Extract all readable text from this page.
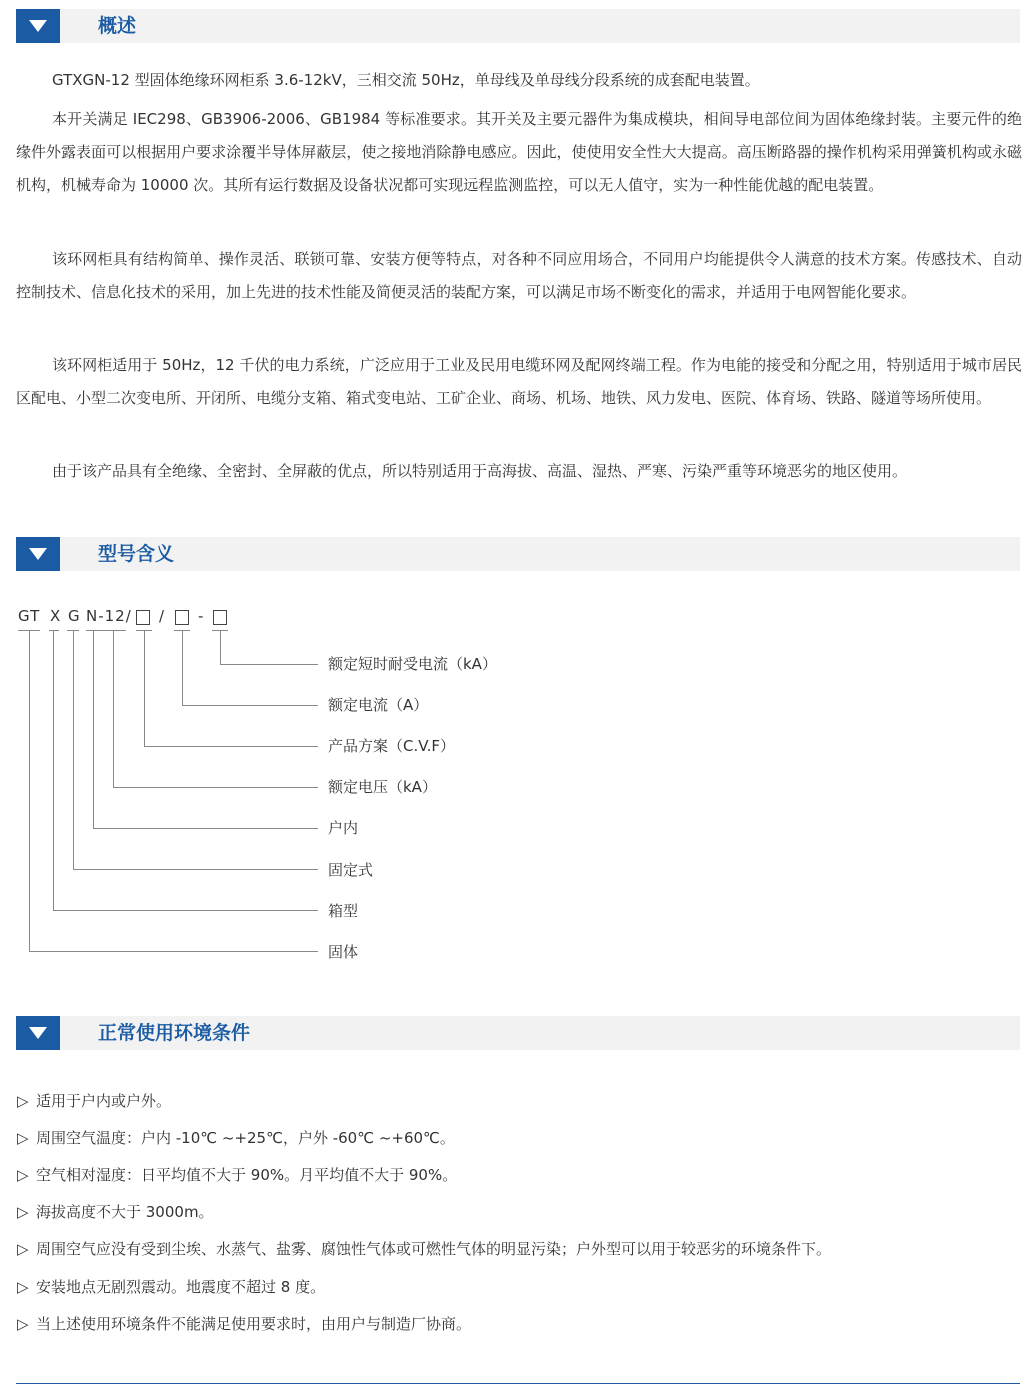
概述

GTXGN-12 型固体绝缘环网柜系 3.6-12kV，三相交流 50Hz，单母线及单母线分段系统的成套配电装置。

本开关满足 IEC298、GB3906-2006、GB1984 等标准要求。其开关及主要元器件为集成模块，相间导电部位间为固体绝缘封装。主要元件的绝缘件外露表面可以根据用户要求涂覆半导体屏蔽层，使之接地消除静电感应。因此，使使用安全性大大提高。高压断路器的操作机构采用弹簧机构或永磁机构，机械寿命为 10000 次。其所有运行数据及设备状况都可实现远程监测监控，可以无人值守，实为一种性能优越的配电装置。

该环网柜具有结构简单、操作灵活、联锁可靠、安装方便等特点，对各种不同应用场合，不同用户均能提供令人满意的技术方案。传感技术、自动控制技术、信息化技术的采用，加上先进的技术性能及简便灵活的装配方案，可以满足市场不断变化的需求，并适用于电网智能化要求。

该环网柜适用于 50Hz，12 千伏的电力系统，广泛应用于工业及民用电缆环网及配网终端工程。作为电能的接受和分配之用，特别适用于城市居民区配电、小型二次变电所、开闭所、电缆分支箱、箱式变电站、工矿企业、商场、机场、地铁、风力发电、医院、体育场、铁路、隧道等场所使用。

由于该产品具有全绝缘、全密封、全屏蔽的优点，所以特别适用于高海拔、高温、湿热、严寒、污染严重等环境恶劣的地区使用。

型号含义
GT X G N-12/ / -
额定短时耐受电流（kA）
额定电流（A）
产品方案（C.V.F）
额定电压（kA）
户内
固定式
箱型
固体
正常使用环境条件
▷ 适用于户内或户外。
▷ 周围空气温度：户内 -10℃ ~+25℃，户外 -60℃ ~+60℃。
▷ 空气相对湿度：日平均值不大于 90%。月平均值不大于 90%。
▷ 海拔高度不大于 3000m。
▷ 周围空气应没有受到尘埃、水蒸气、盐雾、腐蚀性气体或可燃性气体的明显污染；户外型可以用于较恶劣的环境条件下。
▷ 安装地点无剧烈震动。地震度不超过 8 度。
▷ 当上述使用环境条件不能满足使用要求时，由用户与制造厂协商。
